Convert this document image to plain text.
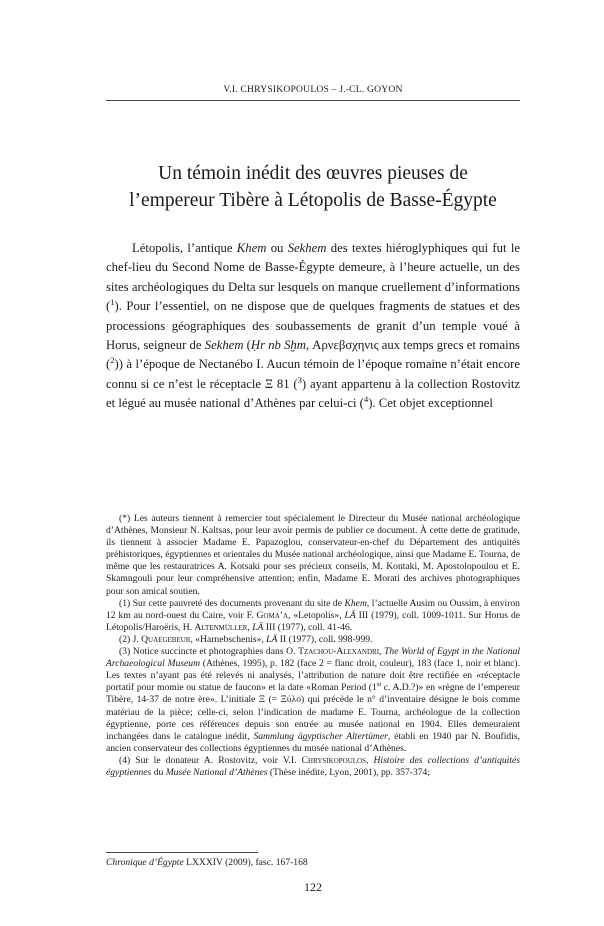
V.I. CHRYSIKOPOULOS – J.-CL. GOYON
Un témoin inédit des œuvres pieuses de
l’empereur Tibère à Létopolis de Basse-Égypte

Létopolis, l’antique Khem ou Sekhem des textes hiéroglyphiques qui fut le chef-lieu du Second Nome de Basse-Égypte demeure, à l’heure actuelle, un des sites archéologiques du Delta sur lesquels on manque cruellement d’informations ($^1$). Pour l’essentiel, on ne dispose que de quelques fragments de statues et des processions géographiques des soubassements de granit d’un temple voué à Horus, seigneur de Sekhem (Ḥr nb Sḫm, Αρνεβσχηνις aux temps grecs et romains ($^2$)) à l’époque de Nectanébo I. Aucun témoin de l’époque romaine n’était encore connu si ce n’est le réceptacle Ξ 81 ($^3$) ayant appartenu à la collection Rostovitz et légué au musée national d’Athènes par celui-ci ($^4$). Cet objet exceptionnel

(*) Les auteurs tiennent à remercier tout spécialement le Directeur du Musée national archéologique d’Athènes, Monsieur N. Kaltsas, pour leur avoir permis de publier ce document. À cette dette de gratitude, ils tiennent à associer Madame E. Papazoglou, conservateur-en-chef du Département des antiquités préhistoriques, égyptiennes et orientales du Musée national archéologique, ainsi que Madame E. Tourna, de même que les restauratrices A. Kotsaki pour ses précieux conseils, M. Kontaki, M. Apostolopoulou et E. Skamngouli pour leur compréhensive attention; enfin, Madame E. Morati des archives photographiques pour son amical soutien.

(1) Sur cette pauvreté des documents provenant du site de Khem, l’actuelle Ausim ou Oussim, à environ 12 km au nord-ouest du Caire, voir F. Goma’a, «Letopolis», LÄ III (1979), coll. 1009-1011. Sur Horus de Létopolis/Haroëris, H. Altenmüller, LÄ III (1977), coll. 41-46.

(2) J. Quaegebeur, «Harnebschenis», LÄ II (1977), coll. 998-999.

(3) Notice succincte et photographies dans O. Tzachou-Alexandri, The World of Egypt in the National Archaeological Museum (Athènes, 1995), p. 182 (face 2 = flanc droit, couleur), 183 (face 1, noir et blanc). Les textes n’ayant pas été relevés ni analysés, l’attribution de nature doit être rectifiée en «réceptacle portatif pour momie ou statue de faucon» et la date «Roman Period (1st c. A.D.?)» en «règne de l’empereur Tibère, 14-37 de notre ère». L’initiale Ξ (= Ξύλο) qui précède le n° d’inventaire désigne le bois comme matériau de la pièce; celle-ci, selon l’indication de madame E. Tourna, archéologue de la collection égyptienne, porte ces références depuis son entrée au musée national en 1904. Elles demeuraient inchangées dans le catalogue inédit, Sammlung ägyptischer Altertümer, établi en 1940 par N. Boufidis, ancien conservateur des collections égyptiennes du musée national d’Athènes.

(4) Sur le donateur A. Rostovitz, voir V.I. Chrysikopoulos, Histoire des collections d’antiquités égyptiennes du Musée National d’Athènes (Thèse inédite, Lyon, 2001), pp. 357-374;

Chronique d’Égypte LXXXIV (2009), fasc. 167-168
122
